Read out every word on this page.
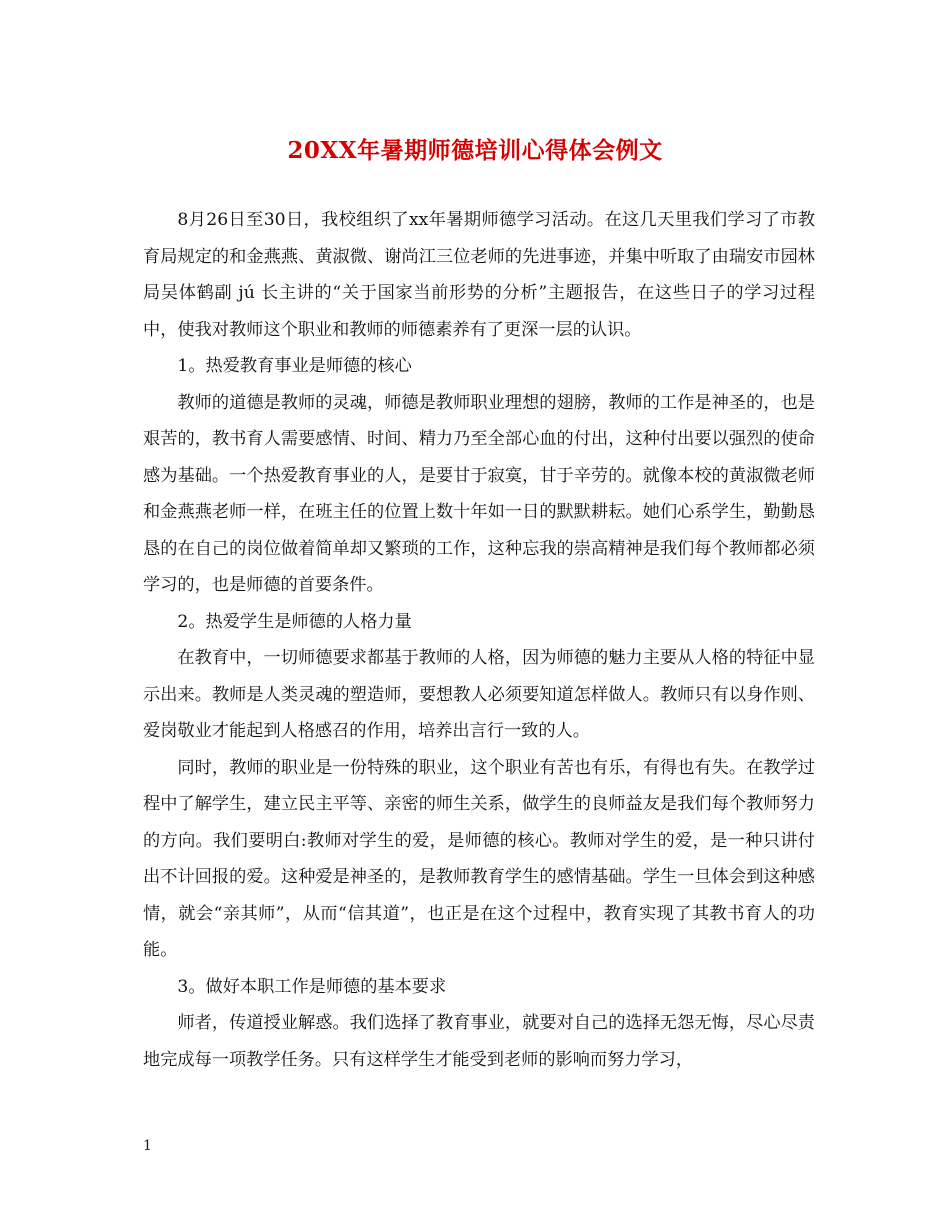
20XX年暑期师德培训心得体会例文

8月26日至30日，我校组织了xx年暑期师德学习活动。在这几天里我们学习了市教育局规定的和金燕燕、黄淑微、谢尚江三位老师的先进事迹，并集中听取了由瑞安市园林局吴体鹤副 jú 长主讲的“关于国家当前形势的分析”主题报告，在这些日子的学习过程中，使我对教师这个职业和教师的师德素养有了更深一层的认识。

1。热爱教育事业是师德的核心

教师的道德是教师的灵魂，师德是教师职业理想的翅膀，教师的工作是神圣的，也是艰苦的，教书育人需要感情、时间、精力乃至全部心血的付出，这种付出要以强烈的使命感为基础。一个热爱教育事业的人，是要甘于寂寞，甘于辛劳的。就像本校的黄淑微老师和金燕燕老师一样，在班主任的位置上数十年如一日的默默耕耘。她们心系学生，勤勤恳恳的在自己的岗位做着简单却又繁琐的工作，这种忘我的崇高精神是我们每个教师都必须学习的，也是师德的首要条件。

2。热爱学生是师德的人格力量

在教育中，一切师德要求都基于教师的人格，因为师德的魅力主要从人格的特征中显示出来。教师是人类灵魂的塑造师，要想教人必须要知道怎样做人。教师只有以身作则、爱岗敬业才能起到人格感召的作用，培养出言行一致的人。

同时，教师的职业是一份特殊的职业，这个职业有苦也有乐，有得也有失。在教学过程中了解学生，建立民主平等、亲密的师生关系，做学生的良师益友是我们每个教师努力的方向。我们要明白:教师对学生的爱，是师德的核心。教师对学生的爱，是一种只讲付出不计回报的爱。这种爱是神圣的，是教师教育学生的感情基础。学生一旦体会到这种感情，就会“亲其师”，从而“信其道”，也正是在这个过程中，教育实现了其教书育人的功能。

3。做好本职工作是师德的基本要求

师者，传道授业解惑。我们选择了教育事业，就要对自己的选择无怨无悔，尽心尽责地完成每一项教学任务。只有这样学生才能受到老师的影响而努力学习，

1
